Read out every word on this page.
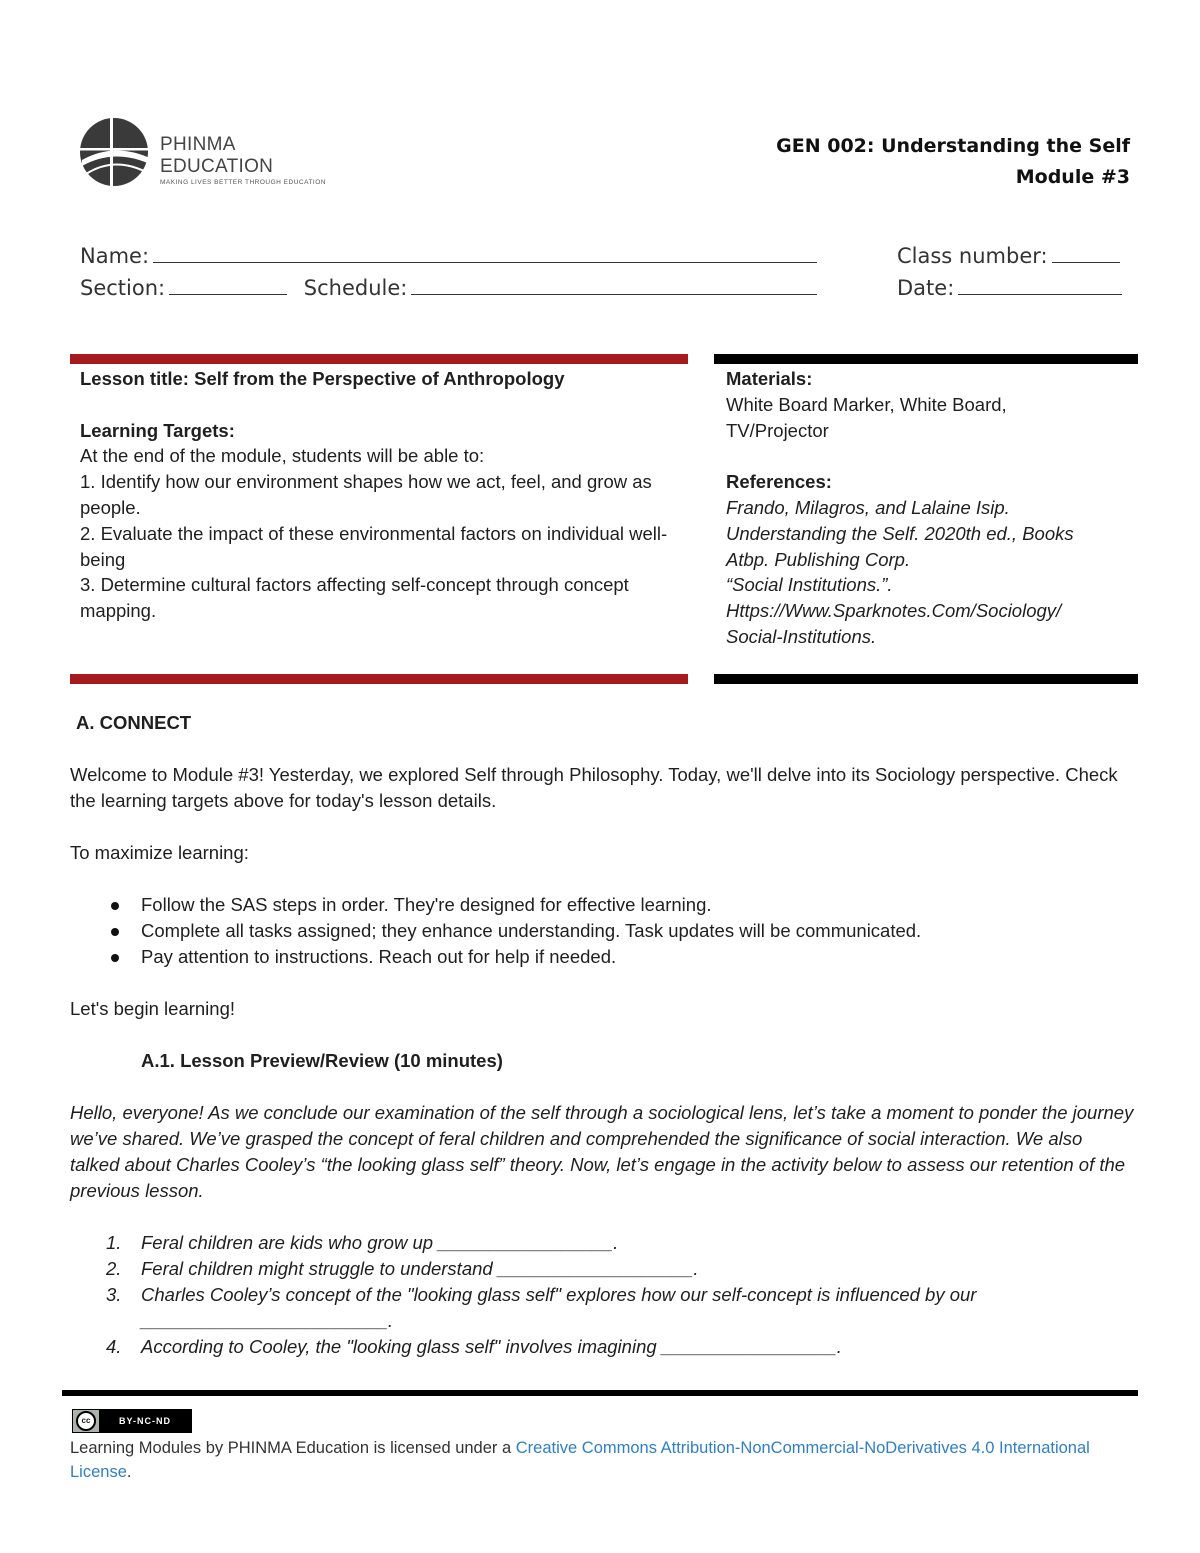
PHINMA EDUCATION
MAKING LIVES BETTER THROUGH EDUCATION
GEN 002: Understanding the Self
Module #3
Name:	Class number:
Section:	Schedule:	Date:
Lesson title: Self from the Perspective of Anthropology
Learning Targets:
At the end of the module, students will be able to:
1. Identify how our environment shapes how we act, feel, and grow as people.
2. Evaluate the impact of these environmental factors on individual well-being
3. Determine cultural factors affecting self-concept through concept mapping.
Materials:
White Board Marker, White Board, TV/Projector
References:
Frando, Milagros, and Lalaine Isip. Understanding the Self. 2020th ed., Books Atbp. Publishing Corp.
“Social Institutions.”. Https://Www.Sparknotes.Com/Sociology/ Social-Institutions.
A. CONNECT

Welcome to Module #3! Yesterday, we explored Self through Philosophy. Today, we'll delve into its Sociology perspective. Check the learning targets above for today's lesson details.

To maximize learning:

Follow the SAS steps in order. They're designed for effective learning.
Complete all tasks assigned; they enhance understanding. Task updates will be communicated.
Pay attention to instructions. Reach out for help if needed.

Let's begin learning!

A.1. Lesson Preview/Review (10 minutes)

Hello, everyone! As we conclude our examination of the self through a sociological lens, let’s take a moment to ponder the journey we’ve shared. We’ve grasped the concept of feral children and comprehended the significance of social interaction. We also talked about Charles Cooley’s “the looking glass self” theory. Now, let’s engage in the activity below to assess our retention of the previous lesson.

1. Feral children are kids who grow up _________________.
2. Feral children might struggle to understand ___________________.
3. Charles Cooley’s concept of the "looking glass self" explores how our self-concept is influenced by our ________________________.
4. According to Cooley, the "looking glass self" involves imagining _________________.
cc	BY-NC-ND
Learning Modules by PHINMA Education is licensed under a Creative Commons Attribution-NonCommercial-NoDerivatives 4.0 International License.
